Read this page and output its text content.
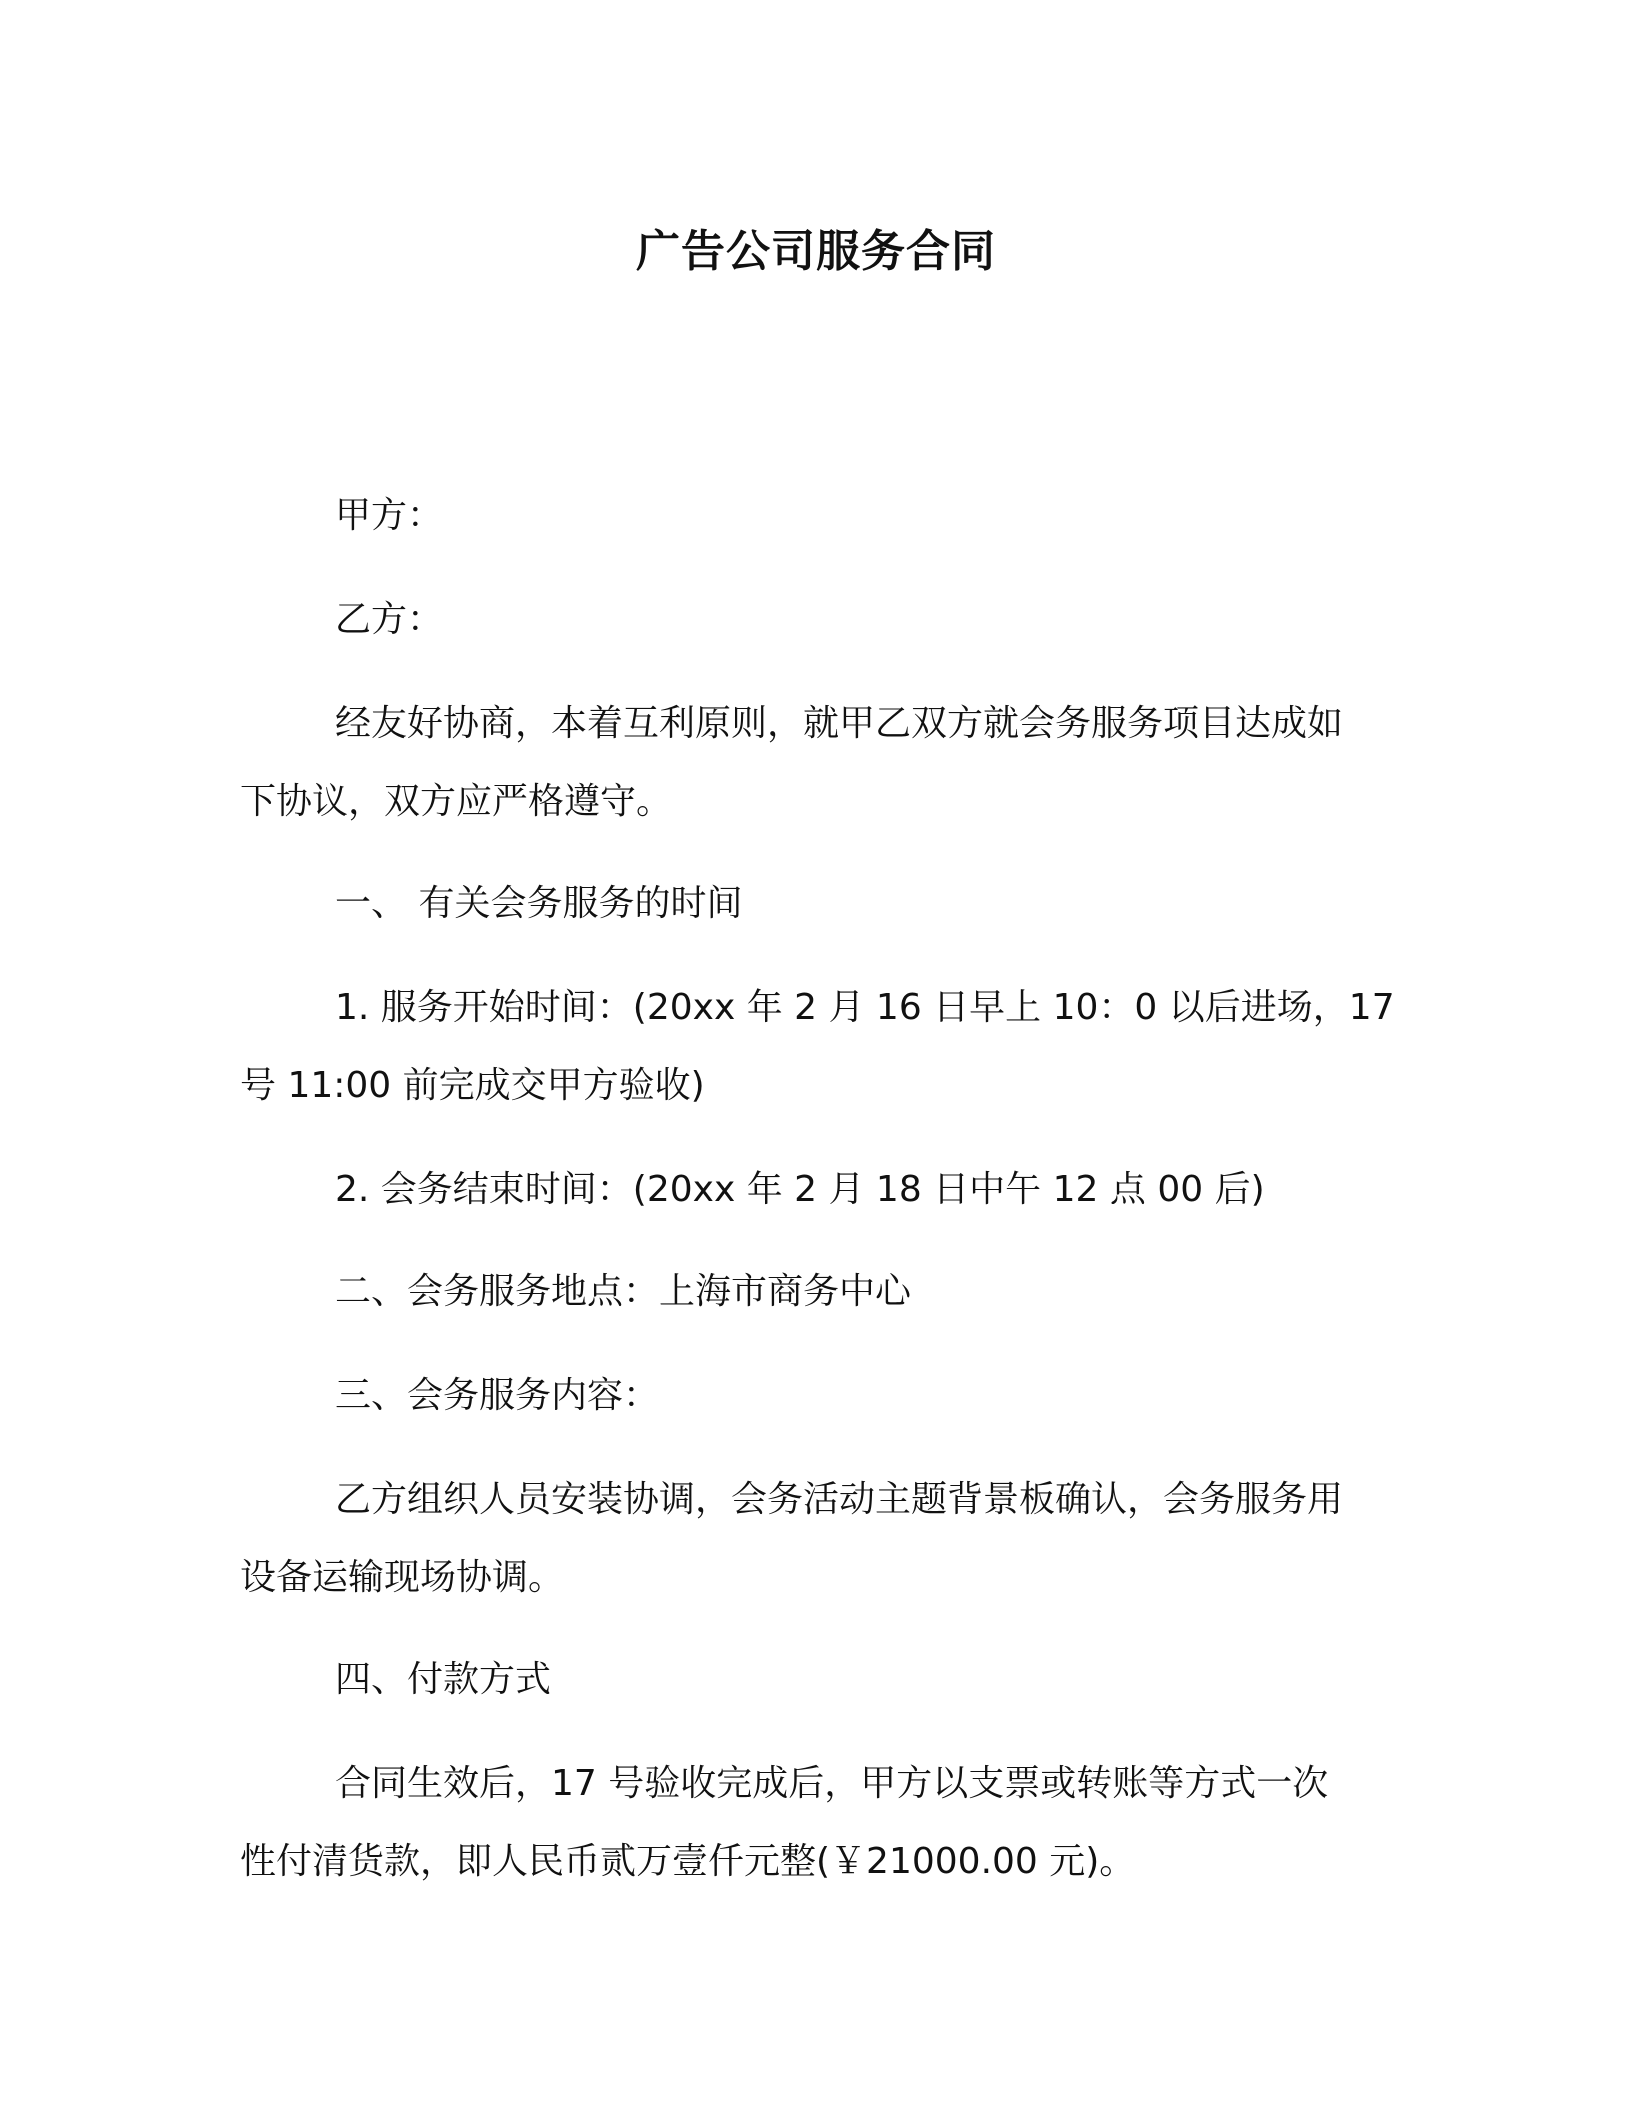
广告公司服务合同
甲方：
乙方：
经友好协商，本着互利原则，就甲乙双方就会务服务项目达成如
下协议，双方应严格遵守。
一、 有关会务服务的时间
1. 服务开始时间：(20xx 年 2 月 16 日早上 10：0 以后进场，17
号 11:00 前完成交甲方验收)
2. 会务结束时间：(20xx 年 2 月 18 日中午 12 点 00 后)
二、会务服务地点：上海市商务中心
三、会务服务内容：
乙方组织人员安装协调，会务活动主题背景板确认，会务服务用
设备运输现场协调。
四、付款方式
合同生效后，17 号验收完成后，甲方以支票或转账等方式一次
性付清货款，即人民币贰万壹仟元整(￥21000.00 元)。
